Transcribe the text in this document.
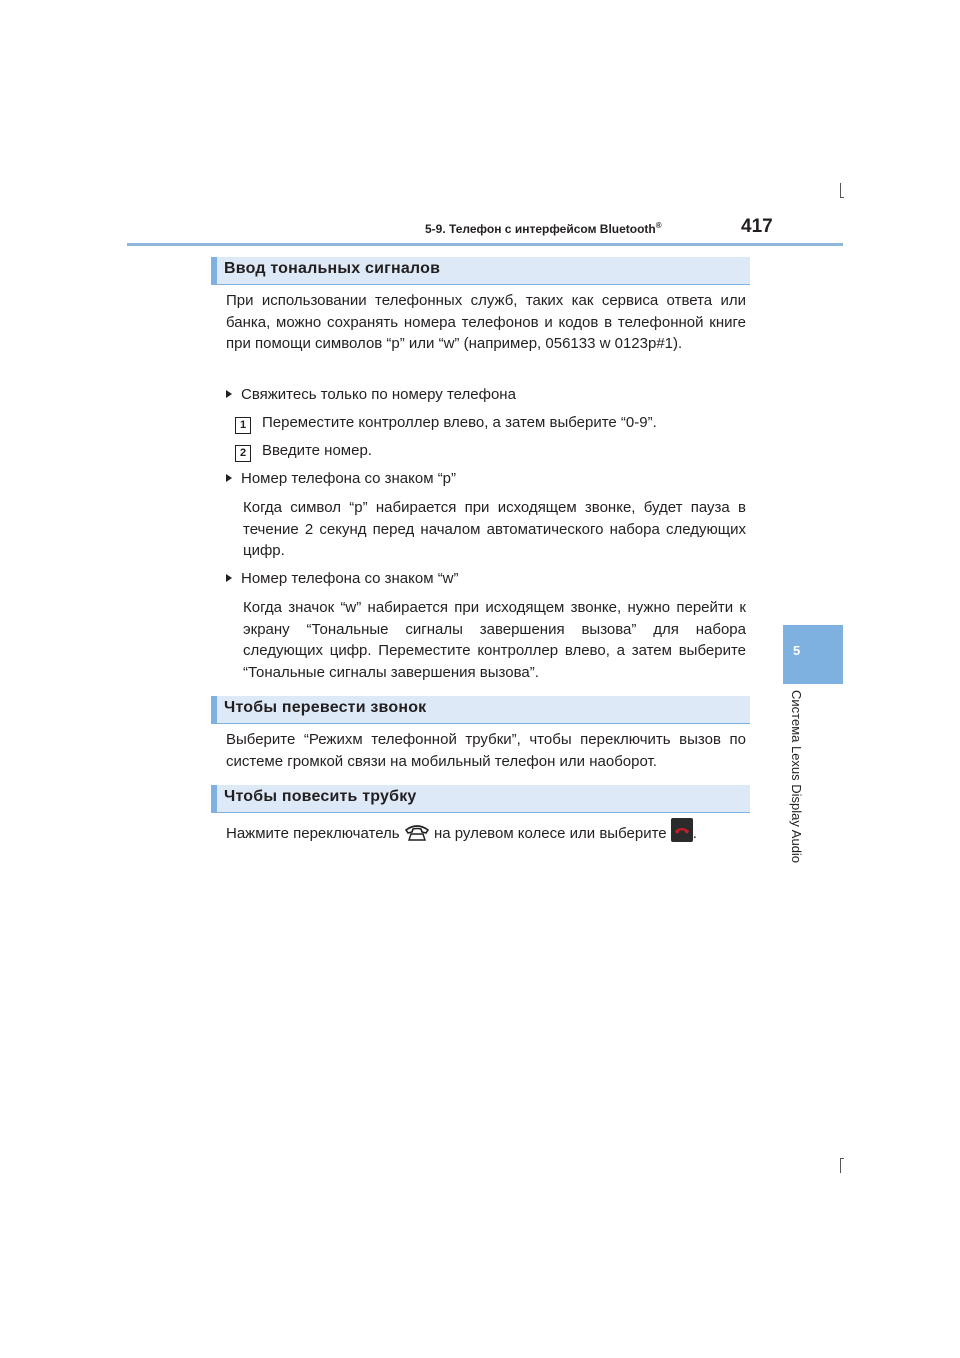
5-9. Телефон с интерфейсом Bluetooth®	417
5
Система Lexus Display Audio
Ввод тональных сигналов
При использовании телефонных служб, таких как сервиса ответа или банка, можно сохранять номера телефонов и кодов в телефонной книге при помощи символов “p” или “w” (например, 056133 w 0123p#1).
Свяжитесь только по номеру телефона
1 Переместите контроллер влево, а затем выберите “0-9”.
2 Введите номер.
Номер телефона со знаком “p”
Когда символ “p” набирается при исходящем звонке, будет пауза в течение 2 секунд перед началом автоматического набора следующих цифр.
Номер телефона со знаком “w”
Когда значок “w” набирается при исходящем звонке, нужно перейти к экрану “Тональные сигналы завершения вызова” для набора следующих цифр. Переместите контроллер влево, а затем выберите “Тональные сигналы завершения вызова”.
Чтобы перевести звонок
Выберите “Режихм телефонной трубки”, чтобы переключить вызов по системе громкой связи на мобильный телефон или наоборот.
Чтобы повесить трубку
Нажмите переключатель на рулевом колесе или выберите .
